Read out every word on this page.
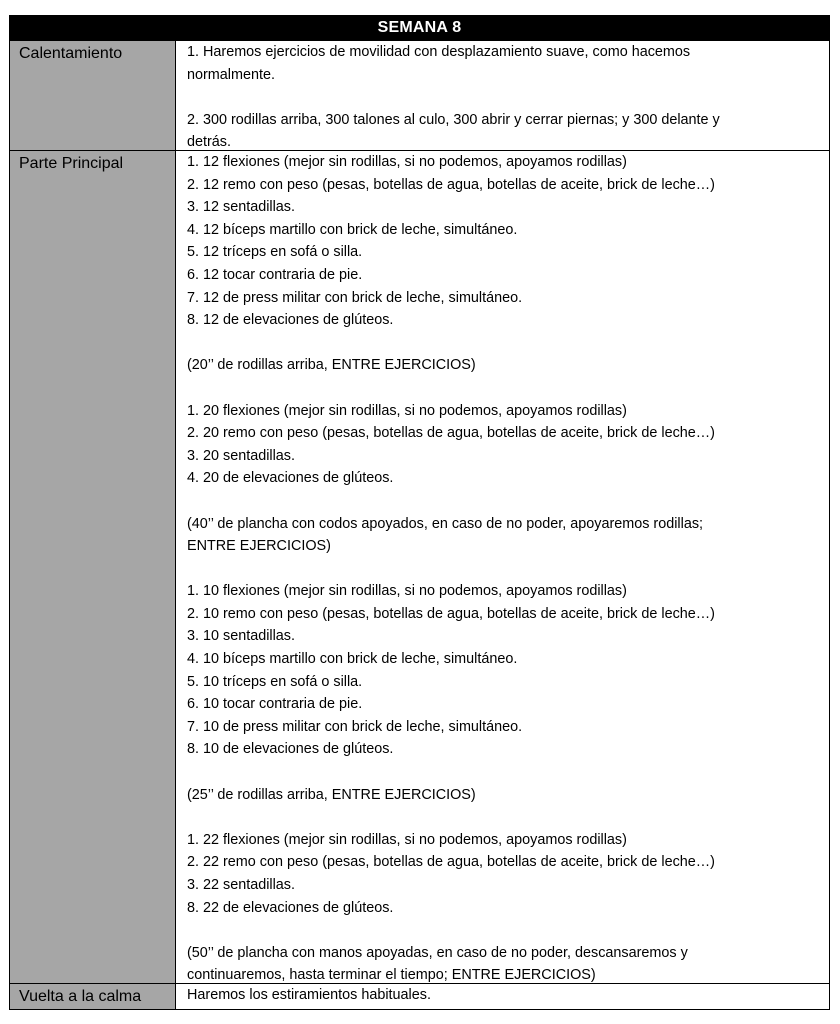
SEMANA 8
Calentamiento	1. Haremos ejercicios de movilidad con desplazamiento suave, como hacemos
normalmente.
2. 300 rodillas arriba, 300 talones al culo, 300 abrir y cerrar piernas; y 300 delante y
detrás.
Parte Principal	1. 12 flexiones (mejor sin rodillas, si no podemos, apoyamos rodillas)
2. 12 remo con peso (pesas, botellas de agua, botellas de aceite, brick de leche…)
3. 12 sentadillas.
4. 12 bíceps martillo con brick de leche, simultáneo.
5. 12 tríceps en sofá o silla.
6. 12 tocar contraria de pie.
7. 12 de press militar con brick de leche, simultáneo.
8. 12 de elevaciones de glúteos.
(20’’ de rodillas arriba, ENTRE EJERCICIOS)
1. 20 flexiones (mejor sin rodillas, si no podemos, apoyamos rodillas)
2. 20 remo con peso (pesas, botellas de agua, botellas de aceite, brick de leche…)
3. 20 sentadillas.
4. 20 de elevaciones de glúteos.
(40’’ de plancha con codos apoyados, en caso de no poder, apoyaremos rodillas;
ENTRE EJERCICIOS)
1. 10 flexiones (mejor sin rodillas, si no podemos, apoyamos rodillas)
2. 10 remo con peso (pesas, botellas de agua, botellas de aceite, brick de leche…)
3. 10 sentadillas.
4. 10 bíceps martillo con brick de leche, simultáneo.
5. 10 tríceps en sofá o silla.
6. 10 tocar contraria de pie.
7. 10 de press militar con brick de leche, simultáneo.
8. 10 de elevaciones de glúteos.
(25’’ de rodillas arriba, ENTRE EJERCICIOS)
1. 22 flexiones (mejor sin rodillas, si no podemos, apoyamos rodillas)
2. 22 remo con peso (pesas, botellas de agua, botellas de aceite, brick de leche…)
3. 22 sentadillas.
8. 22 de elevaciones de glúteos.
(50’’ de plancha con manos apoyadas, en caso de no poder, descansaremos y
continuaremos, hasta terminar el tiempo; ENTRE EJERCICIOS)
Vuelta a la calma	Haremos los estiramientos habituales.
